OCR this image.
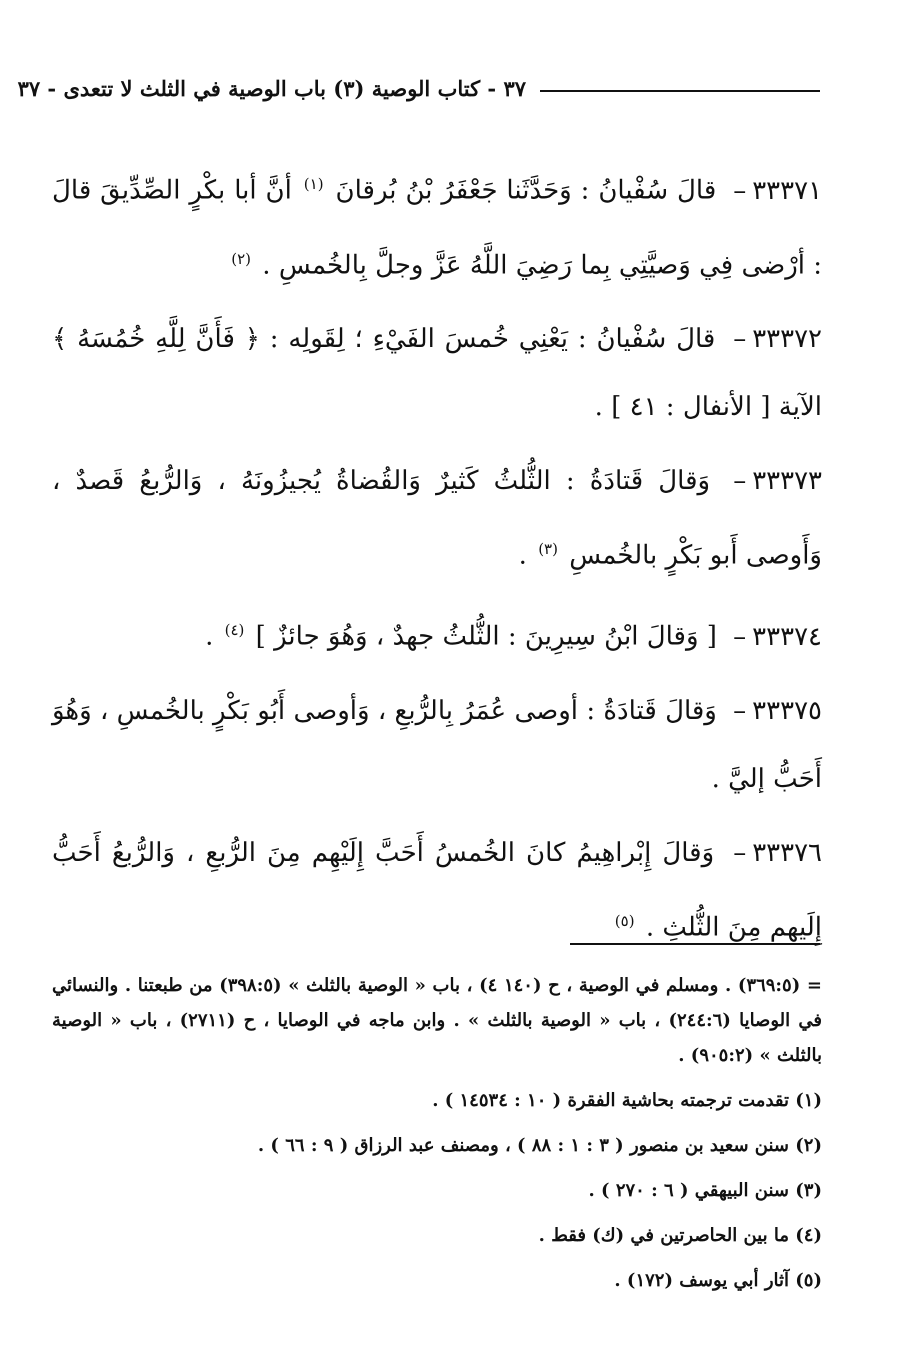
٣٧ - كتاب الوصية (٣) باب الوصية في الثلث لا تتعدى - ٣٧

٣٣٣٧١– قالَ سُفْيانُ : وَحَدَّثَنا جَعْفَرُ بْنُ بُرقانَ $^{(١)}$ أنَّ أبا بكْرٍ الصِّدِّيقَ قالَ : أرْضى فِي وَصيَّتِي بِما رَضِيَ اللَّهُ عَزَّ وجلَّ بِالخُمسِ . $^{(٢)}$

٣٣٣٧٢– قالَ سُفْيانُ : يَعْنِي خُمسَ الفَيْءِ ؛ لِقَولِه : ﴿ فَأَنَّ لِلَّهِ خُمُسَهُ ﴾ الآية [ الأنفال : ٤١ ] .

٣٣٣٧٣– وَقالَ قَتادَةُ : الثُّلثُ كَثيرٌ وَالقُضاةُ يُجيزُونَهُ ، وَالرُّبعُ قَصدٌ ، وَأَوصى أَبو بَكْرٍ بالخُمسِ $^{(٣)}$ .

٣٣٣٧٤– [ وَقالَ ابْنُ سِيرِينَ : الثُّلثُ جهدٌ ، وَهُوَ جائزٌ ] $^{(٤)}$ .

٣٣٣٧٥– وَقالَ قَتادَةُ : أوصى عُمَرُ بِالرُّبعِ ، وَأوصى أَبُو بَكْرٍ بالخُمسِ ، وَهُوَ أَحَبُّ إليَّ .

٣٣٣٧٦– وَقالَ إِبْراهِيمُ كانَ الخُمسُ أَحَبَّ إِلَيْهِم مِنَ الرُّبعِ ، وَالرُّبعُ أَحَبُّ إِلَيهم مِنَ الثُّلثِ . $^{(٥)}$

= (٣٦٩:٥) . ومسلم في الوصية ، ح (١٤٠ ٤) ، باب « الوصية بالثلث » (٣٩٨:٥) من طبعتنا . والنسائي في الوصايا (٢٤٤:٦) ، باب « الوصية بالثلث » . وابن ماجه في الوصايا ، ح (٢٧١١) ، باب « الوصية بالثلث » (٩٠٥:٢) .

(١) تقدمت ترجمته بحاشية الفقرة ( ١٠ : ١٤٥٣٤ ) .

(٢) سنن سعيد بن منصور ( ٣ : ١ : ٨٨ ) ، ومصنف عبد الرزاق ( ٩ : ٦٦ ) .

(٣) سنن البيهقي ( ٦ : ٢٧٠ ) .

(٤) ما بين الحاصرتين في (ك) فقط .

(٥) آثار أبي يوسف (١٧٢) .
